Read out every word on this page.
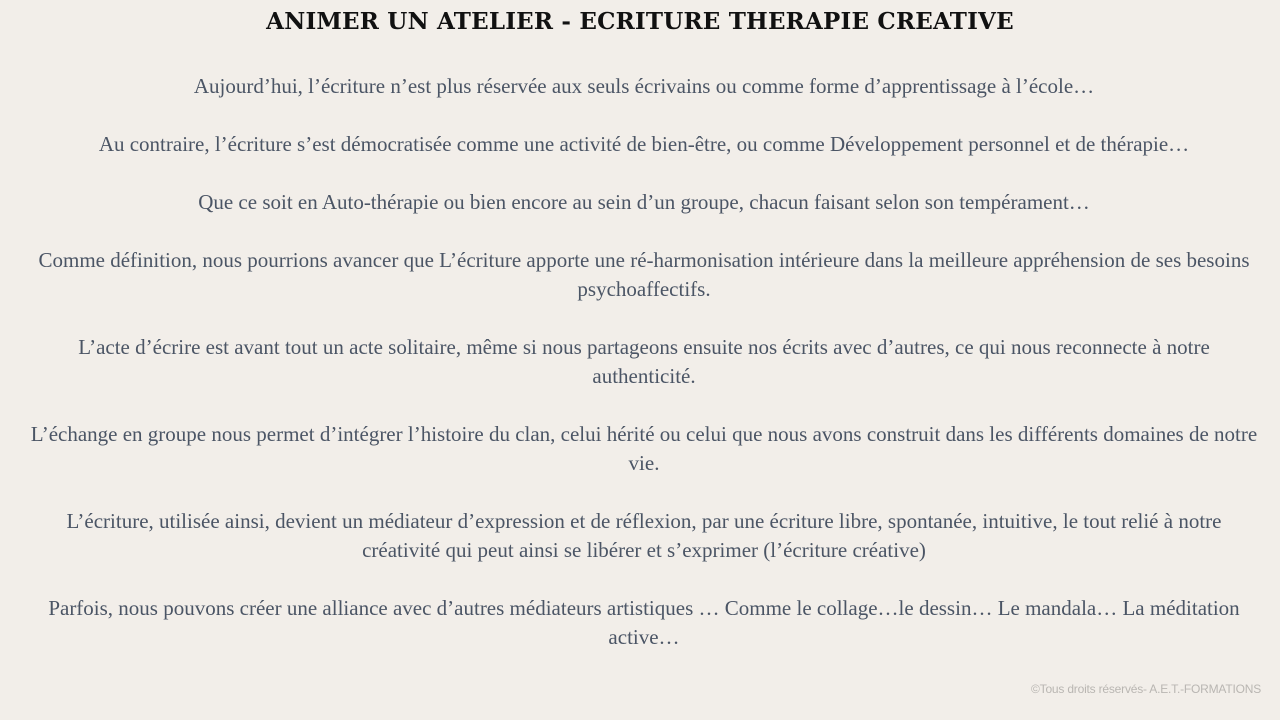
ANIMER UN ATELIER - ECRITURE THERAPIE CREATIVE

Aujourd’hui, l’écriture n’est plus réservée aux seuls écrivains ou comme forme d’apprentissage à l’école…

Au contraire, l’écriture s’est démocratisée comme une activité de bien-être, ou comme Développement personnel et de thérapie…

Que ce soit en Auto-thérapie ou bien encore au sein d’un groupe, chacun faisant selon son tempérament…

Comme définition, nous pourrions avancer que L’écriture apporte une ré-harmonisation intérieure dans la meilleure appréhension de ses besoins psychoaffectifs.

L’acte d’écrire est avant tout un acte solitaire, même si nous partageons ensuite nos écrits avec d’autres, ce qui nous reconnecte à notre authenticité.

L’échange en groupe nous permet d’intégrer l’histoire du clan, celui hérité ou celui que nous avons construit dans les différents domaines de notre vie.

L’écriture, utilisée ainsi, devient un médiateur d’expression et de réflexion, par une écriture libre, spontanée, intuitive, le tout relié à notre créativité qui peut ainsi se libérer et s’exprimer (l’écriture créative)

Parfois, nous pouvons créer une alliance avec d’autres médiateurs artistiques … Comme le collage…le dessin… Le mandala… La méditation active…

©Tous droits réservés- A.E.T.-FORMATIONS
